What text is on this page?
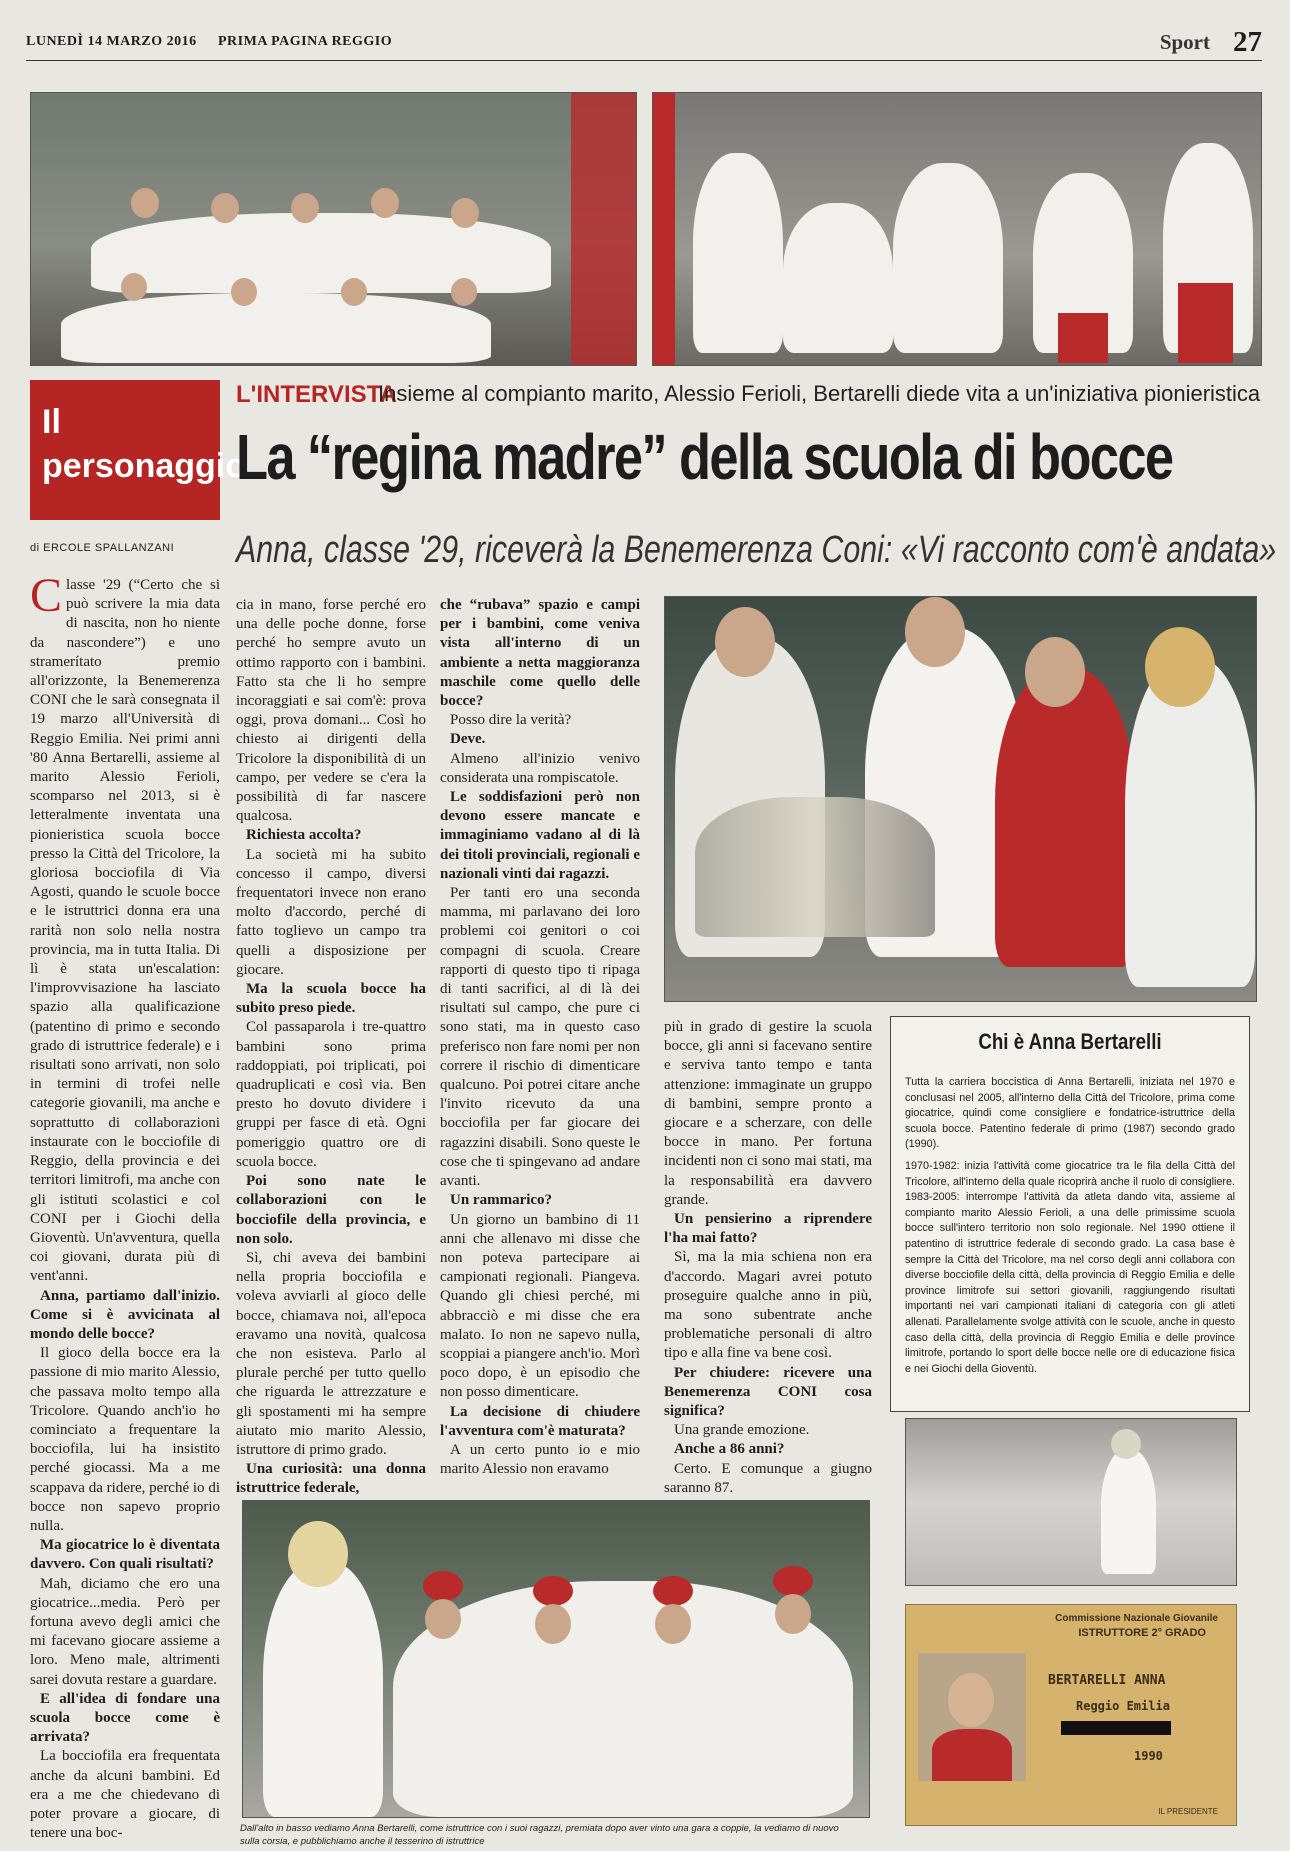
LUNEDÌ 14 MARZO 2016 PRIMA PAGINA REGGIO	Sport 27
Il personaggio
L'INTERVISTA
Insieme al compianto marito, Alessio Ferioli, Bertarelli diede vita a un'iniziativa pionieristica
La “regina madre” della scuola di bocce
Anna, classe '29, riceverà la Benemerenza Coni: «Vi racconto com'è andata»
di ERCOLE SPALLANZANI

Classe '29 (“Certo che si può scrivere la mia data di nascita, non ho niente da nascondere”) e uno stramerítato premio all'orizzonte, la Benemerenza CONI che le sarà consegnata il 19 marzo all'Università di Reggio Emilia. Nei primi anni '80 Anna Bertarelli, assieme al marito Alessio Ferioli, scomparso nel 2013, si è letteralmente inventata una pionieristica scuola bocce presso la Città del Tricolore, la gloriosa bocciofila di Via Agosti, quando le scuole bocce e le istruttrici donna era una rarità non solo nella nostra provincia, ma in tutta Italia. Di lì è stata un'escalation: l'improvvisazione ha lasciato spazio alla qualificazione (patentino di primo e secondo grado di istruttrice federale) e i risultati sono arrivati, non solo in termini di trofei nelle categorie giovanili, ma anche e soprattutto di collaborazioni instaurate con le bocciofile di Reggio, della provincia e dei territori limitrofi, ma anche con gli istituti scolastici e col CONI per i Giochi della Gioventù. Un'avventura, quella coi giovani, durata più di vent'anni.

Anna, partiamo dall'inizio. Come si è avvicinata al mondo delle bocce?

Il gioco della bocce era la passione di mio marito Alessio, che passava molto tempo alla Tricolore. Quando anch'io ho cominciato a frequentare la bocciofila, lui ha insistito perché giocassi. Ma a me scappava da ridere, perché io di bocce non sapevo proprio nulla.

Ma giocatrice lo è diventata davvero. Con quali risultati?

Mah, diciamo che ero una giocatrice...media. Però per fortuna avevo degli amici che mi facevano giocare assieme a loro. Meno male, altrimenti sarei dovuta restare a guardare.

E all'idea di fondare una scuola bocce come è arrivata?

La bocciofila era frequentata anche da alcuni bambini. Ed era a me che chiedevano di poter provare a giocare, di tenere una boc-

cia in mano, forse perché ero una delle poche donne, forse perché ho sempre avuto un ottimo rapporto con i bambini. Fatto sta che li ho sempre incoraggiati e sai com'è: prova oggi, prova domani... Così ho chiesto ai dirigenti della Tricolore la disponibilità di un campo, per vedere se c'era la possibilità di far nascere qualcosa.

Richiesta accolta?

La società mi ha subito concesso il campo, diversi frequentatori invece non erano molto d'accordo, perché di fatto toglievo un campo tra quelli a disposizione per giocare.

Ma la scuola bocce ha subito preso piede.

Col passaparola i tre-quattro bambini sono prima raddoppiati, poi triplicati, poi quadruplicati e così via. Ben presto ho dovuto dividere i gruppi per fasce di età. Ogni pomeriggio quattro ore di scuola bocce.

Poi sono nate le collaborazioni con le bocciofile della provincia, e non solo.

Sì, chi aveva dei bambini nella propria bocciofila e voleva avviarli al gioco delle bocce, chiamava noi, all'epoca eravamo una novità, qualcosa che non esisteva. Parlo al plurale perché per tutto quello che riguarda le attrezzature e gli spostamenti mi ha sempre aiutato mio marito Alessio, istruttore di primo grado.

Una curiosità: una donna istruttrice federale,

che “rubava” spazio e campi per i bambini, come veniva vista all'interno di un ambiente a netta maggioranza maschile come quello delle bocce?

Posso dire la verità?

Deve.

Almeno all'inizio venivo considerata una rompiscatole.

Le soddisfazioni però non devono essere mancate e immaginiamo vadano al di là dei titoli provinciali, regionali e nazionali vinti dai ragazzi.

Per tanti ero una seconda mamma, mi parlavano dei loro problemi coi genitori o coi compagni di scuola. Creare rapporti di questo tipo ti ripaga di tanti sacrifici, al di là dei risultati sul campo, che pure ci sono stati, ma in questo caso preferisco non fare nomi per non correre il rischio di dimenticare qualcuno. Poi potrei citare anche l'invito ricevuto da una bocciofila per far giocare dei ragazzini disabili. Sono queste le cose che ti spingevano ad andare avanti.

Un rammarico?

Un giorno un bambino di 11 anni che allenavo mi disse che non poteva partecipare ai campionati regionali. Piangeva. Quando gli chiesi perché, mi abbracciò e mi disse che era malato. Io non ne sapevo nulla, scoppiai a piangere anch'io. Morì poco dopo, è un episodio che non posso dimenticare.

La decisione di chiudere l'avventura com'è maturata?

A un certo punto io e mio marito Alessio non eravamo

più in grado di gestire la scuola bocce, gli anni si facevano sentire e serviva tanto tempo e tanta attenzione: immaginate un gruppo di bambini, sempre pronto a giocare e a scherzare, con delle bocce in mano. Per fortuna incidenti non ci sono mai stati, ma la responsabilità era davvero grande.

Un pensierino a riprendere l'ha mai fatto?

Sì, ma la mia schiena non era d'accordo. Magari avrei potuto proseguire qualche anno in più, ma sono subentrate anche problematiche personali di altro tipo e alla fine va bene così.

Per chiudere: ricevere una Benemerenza CONI cosa significa?

Una grande emozione.

Anche a 86 anni?

Certo. E comunque a giugno saranno 87.

Chi è Anna Bertarelli

Tutta la carriera boccistica di Anna Bertarelli, iniziata nel 1970 e conclusasi nel 2005, all'interno della Città del Tricolore, prima come giocatrice, quindi come consigliere e fondatrice-istruttrice della scuola bocce. Patentino federale di primo (1987) secondo grado (1990).

1970-1982: inizia l'attività come giocatrice tra le fila della Città del Tricolore, all'interno della quale ricoprirà anche il ruolo di consigliere. 1983-2005: interrompe l'attività da atleta dando vita, assieme al compianto marito Alessio Ferioli, a una delle primissime scuola bocce sull'intero territorio non solo regionale. Nel 1990 ottiene il patentino di istruttrice federale di secondo grado. La casa base è sempre la Città del Tricolore, ma nel corso degli anni collabora con diverse bocciofile della città, della provincia di Reggio Emilia e delle province limitrofe sui settori giovanili, raggiungendo risultati importanti nei vari campionati italiani di categoria con gli atleti allenati. Parallelamente svolge attività con le scuole, anche in questo caso della città, della provincia di Reggio Emilia e delle province limitrofe, portando lo sport delle bocce nelle ore di educazione fisica e nei Giochi della Gioventù.

Commissione Nazionale Giovanile
ISTRUTTORE 2° GRADO
BERTARELLI ANNA
Reggio Emilia
1990
IL PRESIDENTE
Dall'alto in basso vediamo Anna Bertarelli, come istruttrice con i suoi ragazzi, premiata dopo aver vinto una gara a coppie, la vediamo di nuovo sulla corsia, e pubblichiamo anche il tesserino di istruttrice
